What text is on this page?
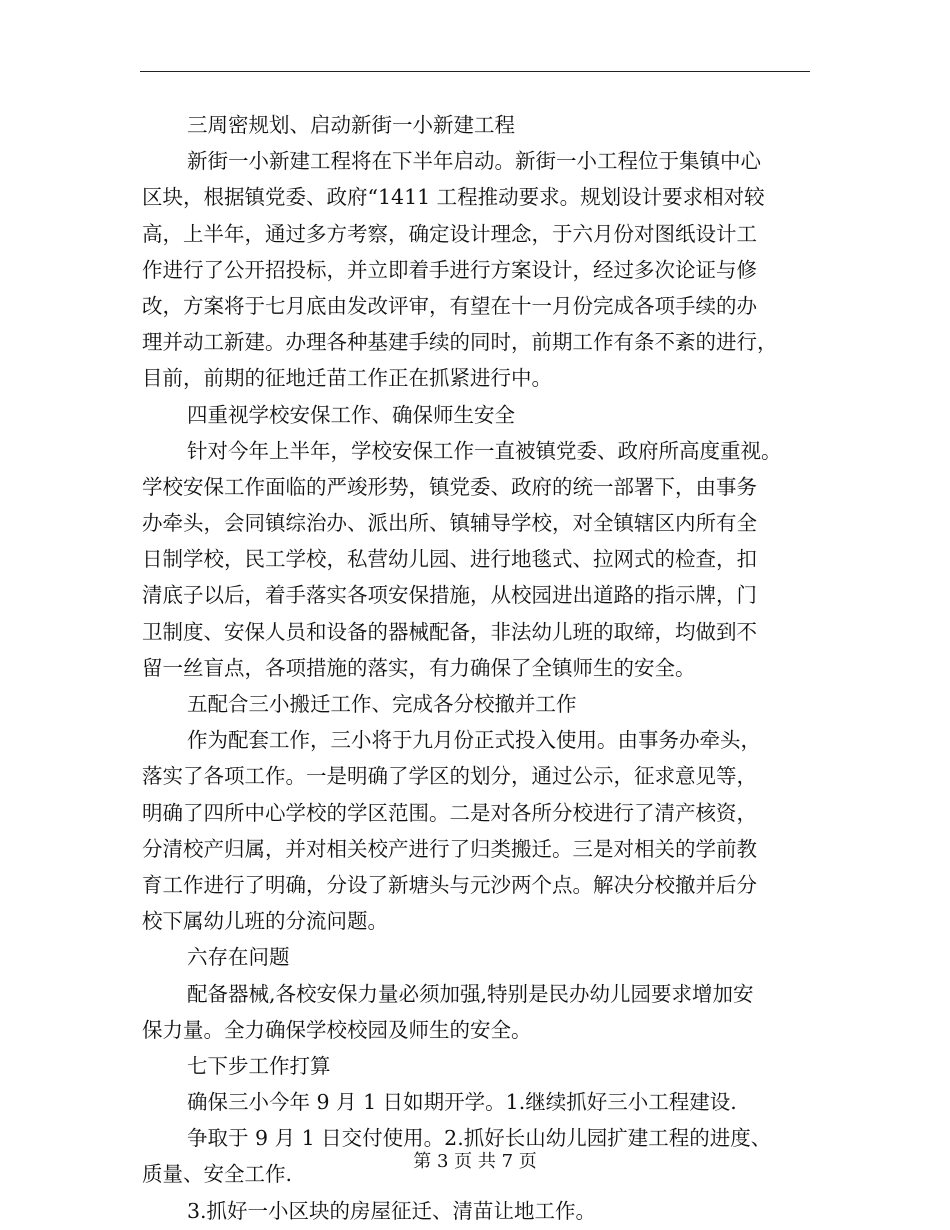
三周密规划、启动新街一小新建工程
新街一小新建工程将在下半年启动。新街一小工程位于集镇中心
区块，根据镇党委、政府“1411 工程推动要求。规划设计要求相对较
高，上半年，通过多方考察，确定设计理念，于六月份对图纸设计工
作进行了公开招投标，并立即着手进行方案设计，经过多次论证与修
改，方案将于七月底由发改评审，有望在十一月份完成各项手续的办
理并动工新建。办理各种基建手续的同时，前期工作有条不紊的进行，
目前，前期的征地迁苗工作正在抓紧进行中。
四重视学校安保工作、确保师生安全
针对今年上半年，学校安保工作一直被镇党委、政府所高度重视。
学校安保工作面临的严竣形势，镇党委、政府的统一部署下，由事务
办牵头，会同镇综治办、派出所、镇辅导学校，对全镇辖区内所有全
日制学校，民工学校，私营幼儿园、进行地毯式、拉网式的检查，扣
清底子以后，着手落实各项安保措施，从校园进出道路的指示牌，门
卫制度、安保人员和设备的器械配备，非法幼儿班的取缔，均做到不
留一丝盲点，各项措施的落实，有力确保了全镇师生的安全。
五配合三小搬迁工作、完成各分校撤并工作
作为配套工作，三小将于九月份正式投入使用。由事务办牵头，
落实了各项工作。一是明确了学区的划分，通过公示，征求意见等，
明确了四所中心学校的学区范围。二是对各所分校进行了清产核资，
分清校产归属，并对相关校产进行了归类搬迁。三是对相关的学前教
育工作进行了明确，分设了新塘头与元沙两个点。解决分校撤并后分
校下属幼儿班的分流问题。
六存在问题
配备器械,各校安保力量必须加强,特别是民办幼儿园要求增加安
保力量。全力确保学校校园及师生的安全。
七下步工作打算
确保三小今年 9 月 1 日如期开学。1.继续抓好三小工程建设.
争取于 9 月 1 日交付使用。2.抓好长山幼儿园扩建工程的进度、
质量、安全工作.
3.抓好一小区块的房屋征迁、清苗让地工作。
第 3 页 共 7 页
